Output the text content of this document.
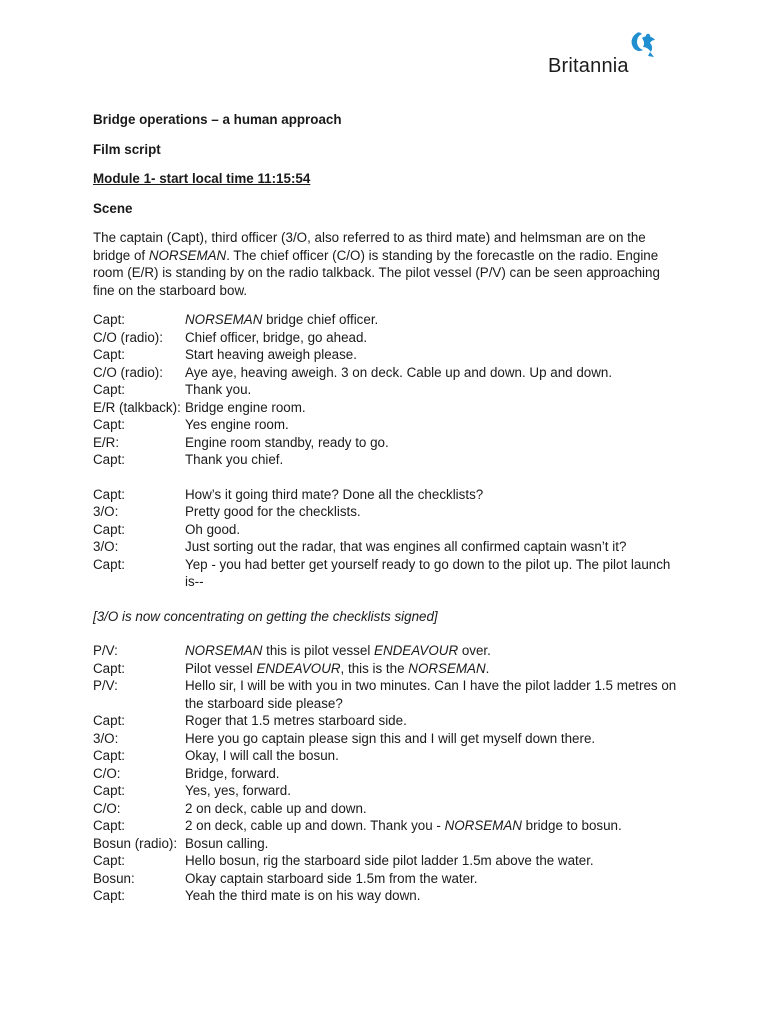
Britannia

Bridge operations – a human approach

Film script

Module 1- start local time 11:15:54

Scene

The captain (Capt), third officer (3/O, also referred to as third mate) and helmsman are on the bridge of NORSEMAN. The chief officer (C/O) is standing by the forecastle on the radio. Engine room (E/R) is standing by on the radio talkback. The pilot vessel (P/V) can be seen approaching fine on the starboard bow.

Capt:	NORSEMAN bridge chief officer.
C/O (radio):	Chief officer, bridge, go ahead.
Capt:	Start heaving aweigh please.
C/O (radio):	Aye aye, heaving aweigh. 3 on deck. Cable up and down. Up and down.
Capt:	Thank you.
E/R (talkback): Bridge engine room.
Capt:	Yes engine room.
E/R:	Engine room standby, ready to go.
Capt:	Thank you chief.
Capt:	How’s it going third mate? Done all the checklists?
3/O:	Pretty good for the checklists.
Capt:	Oh good.
3/O:	Just sorting out the radar, that was engines all confirmed captain wasn’t it?
Capt:	Yep - you had better get yourself ready to go down to the pilot up. The pilot launch is--

[3/O is now concentrating on getting the checklists signed]

P/V:	NORSEMAN this is pilot vessel ENDEAVOUR over.
Capt:	Pilot vessel ENDEAVOUR, this is the NORSEMAN.
P/V:	Hello sir, I will be with you in two minutes. Can I have the pilot ladder 1.5 metres on the starboard side please?
Capt:	Roger that 1.5 metres starboard side.
3/O:	Here you go captain please sign this and I will get myself down there.
Capt:	Okay, I will call the bosun.
C/O:	Bridge, forward.
Capt:	Yes, yes, forward.
C/O:	2 on deck, cable up and down.
Capt:	2 on deck, cable up and down. Thank you - NORSEMAN bridge to bosun.
Bosun (radio): Bosun calling.
Capt:	Hello bosun, rig the starboard side pilot ladder 1.5m above the water.
Bosun:	Okay captain starboard side 1.5m from the water.
Capt:	Yeah the third mate is on his way down.
